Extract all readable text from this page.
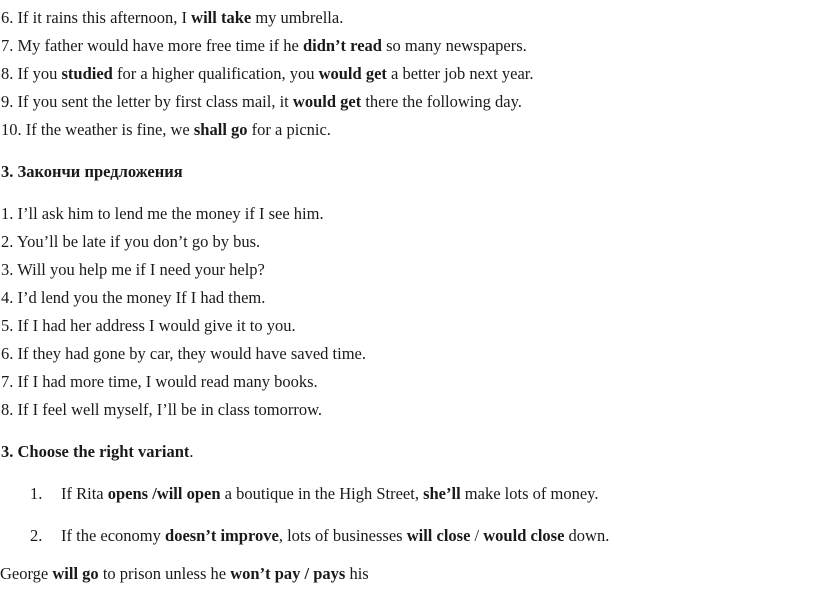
6. If it rains this afternoon, I will take my umbrella.
7. My father would have more free time if he didn’t read so many newspapers.
8. If you studied for a higher qualification, you would get a better job next year.
9. If you sent the letter by first class mail, it would get there the following day.
10. If the weather is fine, we shall go for a picnic.
3. Закончи предложения
1. I’ll ask him to lend me the money if I see him.
2. You’ll be late if you don’t go by bus.
3. Will you help me if I need your help?
4. I’d lend you the money If I had them.
5. If I had her address I would give it to you.
6. If they had gone by car, they would have saved time.
7. If I had more time, I would read many books.
8. If I feel well myself, I’ll be in class tomorrow.
3. Choose the right variant.
1. If Rita opens /will open a boutique in the High Street, she’ll make lots of money.
2. If the economy doesn’t improve, lots of businesses will close / would close down.
George will go to prison unless he won’t pay / pays his
